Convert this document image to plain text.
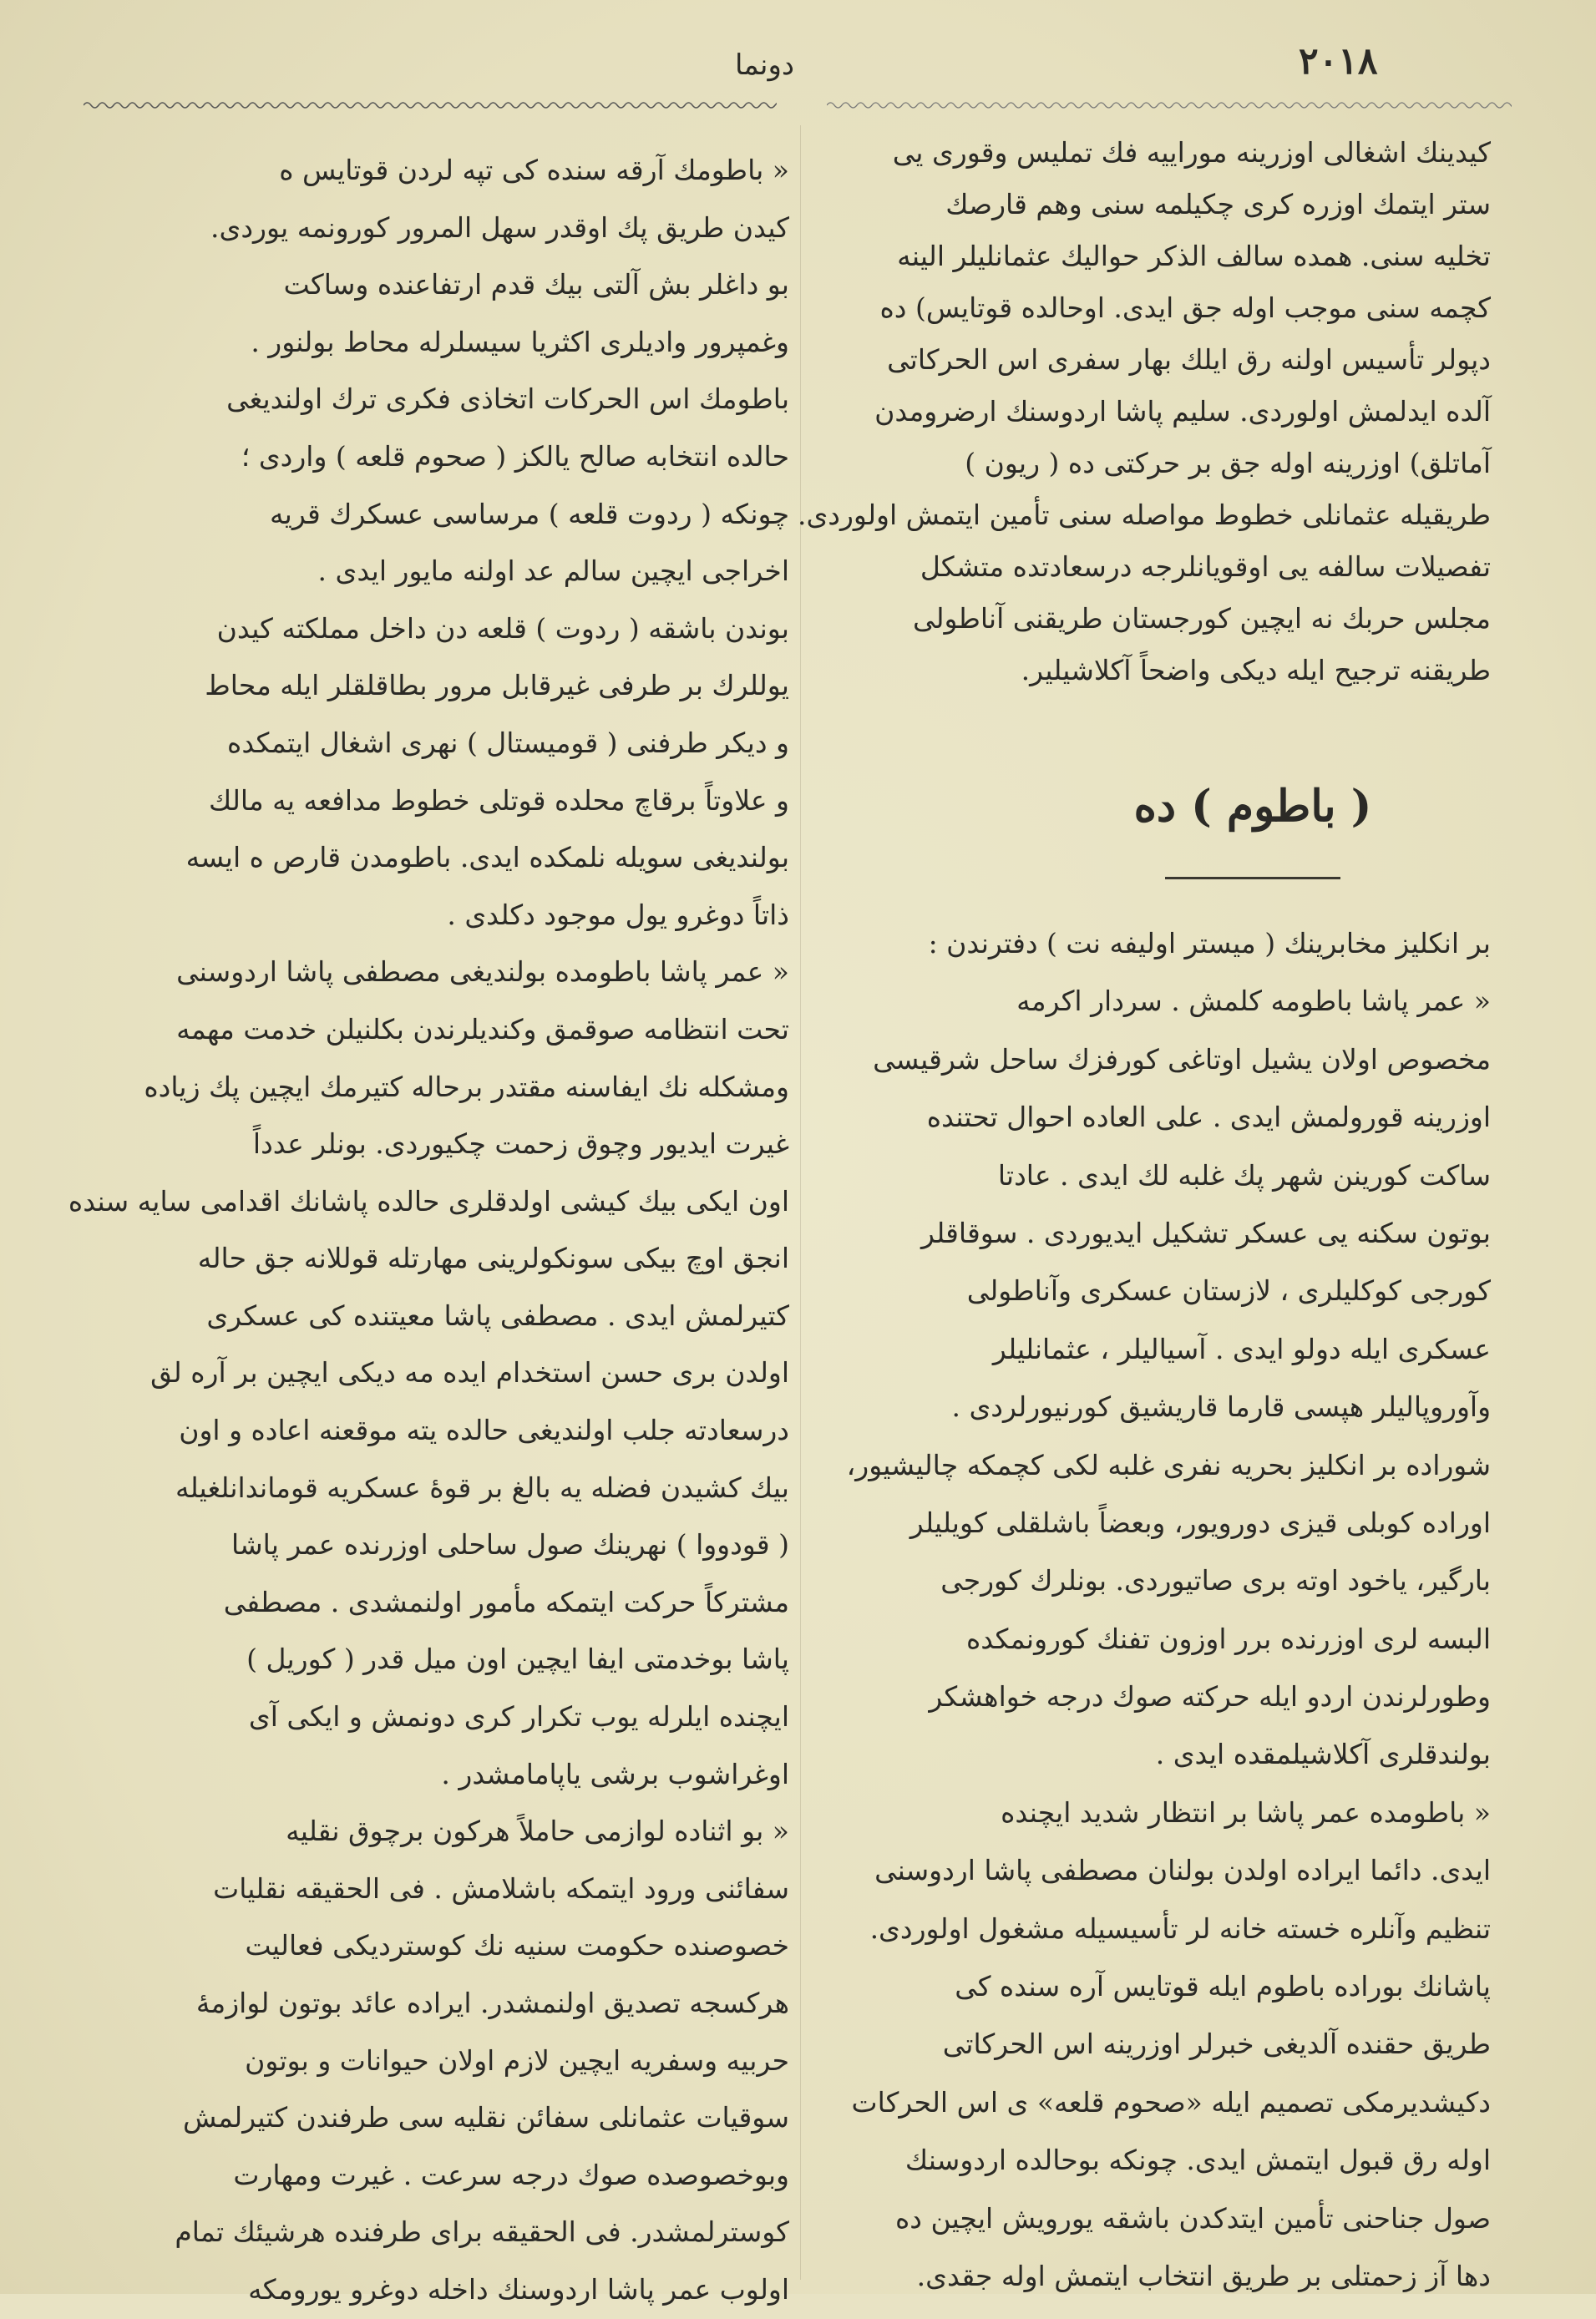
۲۰۱۸
دونما
كيدينك اشغالى اوزرينه موراييه فك تمليس وقورى يى
ستر ايتمك اوزره كرى چكيلمه سنى وهم قارصك
تخليه سنى. همده سالف الذكر حواليك عثمانليلر الينه
كچمه سنى موجب اوله جق ايدى. اوحالده قوتايس) ده
دپولر تأسيس اولنه رق ايلك بهار سفرى اس الحركاتى
آلده ايدلمش اولوردى. سليم پاشا اردوسنك ارضرومدن
آماتلق) اوزرينه اوله جق بر حركتى ده ( ريون )
طريقيله عثمانلى خطوط مواصله سنى تأمين ايتمش اولوردى.
تفصيلات سالفه يى اوقويانلرجه درسعادتده متشكل
مجلس حربك نه ايچين كورجستان طريقنى آناطولى
طريقنه ترجيح ايله ديكى واضحاً آكلاشيلير.
( باطوم ) ده
بر انكليز مخابرينك ( ميستر اوليفه نت ) دفترندن :
« عمر پاشا باطومه كلمش . سردار اكرمه
مخصوص اولان يشيل اوتاغى كورفزك ساحل شرقيسى
اوزرينه قورولمش ايدى . على العاده احوال تحتنده
ساكت كورينن شهر پك غلبه لك ايدى . عادتا
بوتون سكنه يى عسكر تشكيل ايديوردى . سوقاقلر
كورجى كوكليلرى ، لازستان عسكرى وآناطولى
عسكرى ايله دولو ايدى . آسياليلر ، عثمانليلر
وآوروپاليلر هپسى قارما قاريشيق كورنيورلردى .
شوراده بر انكليز بحريه نفرى غلبه لكى كچمكه چاليشيور،
اوراده كوبلى قيزى دورويور، وبعضاً باشلقلى كويليلر
بارگير، ياخود اوته برى صاتيوردى. بونلرك كورجى
البسه لرى اوزرنده برر اوزون تفنك كورونمكده
وطورلرندن اردو ايله حركته صوك درجه خواهشكر
بولندقلرى آكلاشيلمقده ايدى .
« باطومده عمر پاشا بر انتظار شديد ايچنده
ايدى. دائما ايراده اولدن بولنان مصطفى پاشا اردوسنى
تنظيم وآنلره خسته خانه لر تأسيسيله مشغول اولوردى.
پاشانك بوراده باطوم ايله قوتايس آره سنده كى
طريق حقنده آلديغى خبرلر اوزرينه اس الحركاتى
دكيشديرمكى تصميم ايله «صحوم قلعه» ى اس الحركات
اوله رق قبول ايتمش ايدى. چونكه بوحالده اردوسنك
صول جناحنى تأمين ايتدكدن باشقه يورويش ايچين ده
دها آز زحمتلى بر طريق انتخاب ايتمش اوله جقدى.
« باطومك آرقه سنده كى تپه لردن قوتايس ه
كيدن طريق پك اوقدر سهل المرور كورونمه يوردى.
بو داغلر بش آلتى بيك قدم ارتفاعنده وساكت
وغمپرور واديلرى اكثريا سيسلرله محاط بولنور .
باطومك اس الحركات اتخاذى فكرى ترك اولنديغى
حالده انتخابه صالح يالكز ( صحوم قلعه ) واردى ؛
چونكه ( ردوت قلعه ) مرساسى عسكرك قريه
اخراجى ايچين سالم عد اولنه مايور ايدى .
بوندن باشقه ( ردوت ) قلعه دن داخل مملكته كيدن
يوللرك بر طرفى غيرقابل مرور بطاقلقلر ايله محاط
و ديكر طرفنى ( قوميستال ) نهرى اشغال ايتمكده
و علاوتاً برقاچ محلده قوتلى خطوط مدافعه يه مالك
بولنديغى سويله نلمكده ايدى. باطومدن قارص ه ايسه
ذاتاً دوغرو يول موجود دكلدى .
« عمر پاشا باطومده بولنديغى مصطفى پاشا اردوسنى
تحت انتظامه صوقمق وكنديلرندن بكلنيلن خدمت مهمه
ومشكله نك ايفاسنه مقتدر برحاله كتيرمك ايچين پك زياده
غيرت ايديور وچوق زحمت چكيوردى. بونلر عدداً
اون ايكى بيك كيشى اولدقلرى حالده پاشانك اقدامى سايه سنده
انجق اوچ بيكى سونكولرينى مهارتله قوللانه جق حاله
كتيرلمش ايدى . مصطفى پاشا معيتنده كى عسكرى
اولدن برى حسن استخدام ايده مه ديكى ايچين بر آره لق
درسعادته جلب اولنديغى حالده يته موقعنه اعاده و اون
بيك كشيدن فضله يه بالغ بر قوهٔ عسكريه قوماندانلغيله
( قودووا ) نهرينك صول ساحلى اوزرنده عمر پاشا
مشتركاً حركت ايتمكه مأمور اولنمشدى . مصطفى
پاشا بوخدمتى ايفا ايچين اون ميل قدر ( كوريل )
ايچنده ايلرله يوب تكرار كرى دونمش و ايكى آى
اوغراشوب برشى ياپامامشدر .
« بو اثناده لوازمى حاملاً هركون برچوق نقليه
سفائنى ورود ايتمكه باشلامش . فى الحقيقه نقليات
خصوصنده حكومت سنيه نك كوسترديكى فعاليت
هركسجه تصديق اولنمشدر. ايراده عائد بوتون لوازمهٔ
حربيه وسفريه ايچين لازم اولان حيوانات و بوتون
سوقيات عثمانلى سفائن نقليه سى طرفندن كتيرلمش
وبوخصوصده صوك درجه سرعت . غيرت ومهارت
كوسترلمشدر. فى الحقيقه براى طرفنده هرشيئك تمام
اولوب عمر پاشا اردوسنك داخله دوغرو يورومكه
